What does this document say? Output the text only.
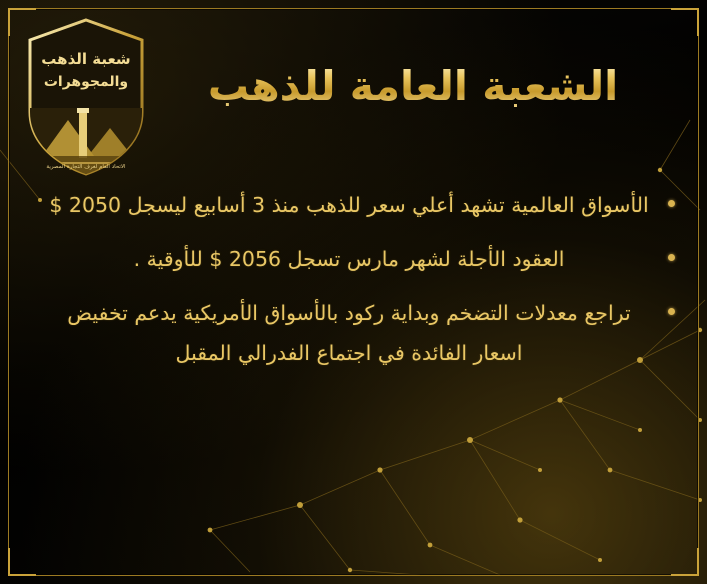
شعبة الذهب
والمجوهرات
الاتحاد العام لغرف التجارة المصرية
الشعبة العامة للذهب
الأسواق العالمية تشهد أعلي سعر للذهب منذ 3 أسابيع ليسجل 2050 $
العقود الأجلة لشهر مارس تسجل 2056 $ للأوقية .
تراجع معدلات التضخم وبداية ركود بالأسواق الأمريكية يدعم تخفيض اسعار الفائدة في اجتماع الفدرالي المقبل
